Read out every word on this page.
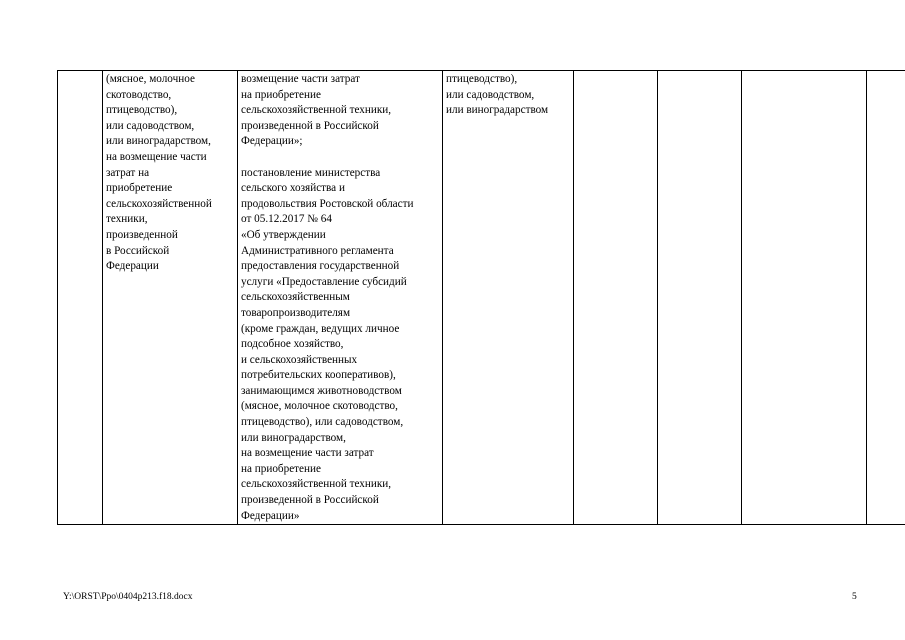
	(мясное, молочное
скотоводство,
птицеводство),
или садоводством,
или виноградарством,
на возмещение части
затрат на
приобретение
сельскохозяйственной
техники,
произведенной
в Российской
Федерации	возмещение части затрат
на приобретение
сельскохозяйственной техники,
произведенной в Российской
Федерации»;

постановление министерства
сельского хозяйства и
продовольствия Ростовской области
от 05.12.2017 № 64
«Об утверждении
Административного регламента
предоставления государственной
услуги «Предоставление субсидий
сельскохозяйственным
товаропроизводителям
(кроме граждан, ведущих личное
подсобное хозяйство,
и сельскохозяйственных
потребительских кооперативов),
занимающимся животноводством
(мясное, молочное скотоводство,
птицеводство), или садоводством,
или виноградарством,
на возмещение части затрат
на приобретение
сельскохозяйственной техники,
произведенной в Российской
Федерации»	птицеводство),
или садоводством,
или виноградарством				
Y:\ORST\Ppo\0404p213.f18.docx	5
